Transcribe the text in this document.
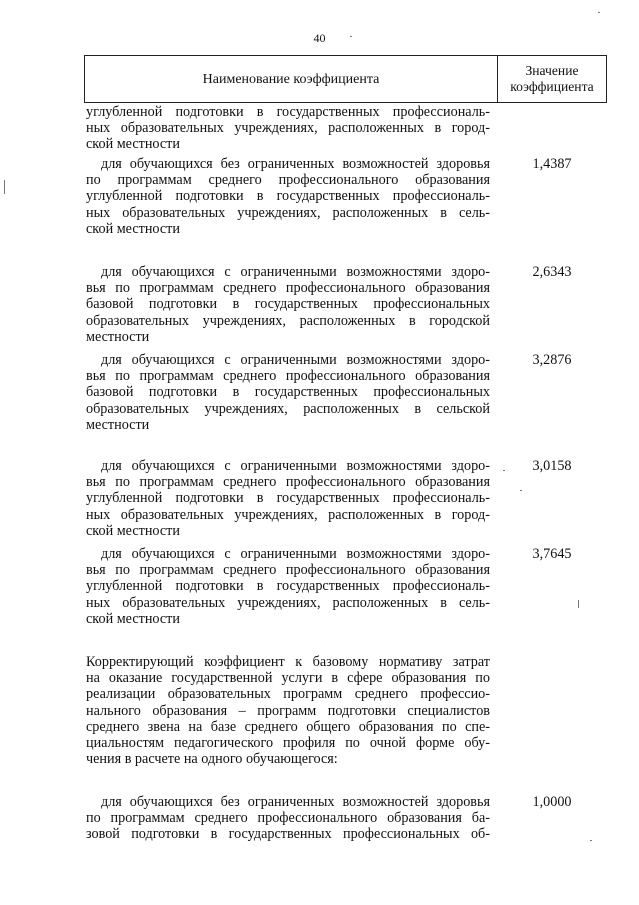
40
Наименование коэффициента
Значение
коэффициента
углубленной подготовки в государственных профессиональ-
ных образовательных учреждениях, расположенных в город-
ской местности
для обучающихся без ограниченных возможностей здоровья
по программам среднего профессионального образования
углубленной подготовки в государственных профессиональ-
ных образовательных учреждениях, расположенных в сель-
ской местности
1,4387
для обучающихся с ограниченными возможностями здоро-
вья по программам среднего профессионального образования
базовой подготовки в государственных профессиональных
образовательных учреждениях, расположенных в городской
местности
2,6343
для обучающихся с ограниченными возможностями здоро-
вья по программам среднего профессионального образования
базовой подготовки в государственных профессиональных
образовательных учреждениях, расположенных в сельской
местности
3,2876
для обучающихся с ограниченными возможностями здоро-
вья по программам среднего профессионального образования
углубленной подготовки в государственных профессиональ-
ных образовательных учреждениях, расположенных в город-
ской местности
3,0158
для обучающихся с ограниченными возможностями здоро-
вья по программам среднего профессионального образования
углубленной подготовки в государственных профессиональ-
ных образовательных учреждениях, расположенных в сель-
ской местности
3,7645
Корректирующий коэффициент к базовому нормативу затрат
на оказание государственной услуги в сфере образования по
реализации образовательных программ среднего профессио-
нального образования – программ подготовки специалистов
среднего звена на базе среднего общего образования по спе-
циальностям педагогического профиля по очной форме обу-
чения в расчете на одного обучающегося:
для обучающихся без ограниченных возможностей здоровья
по программам среднего профессионального образования ба-
зовой подготовки в государственных профессиональных об-
1,0000
